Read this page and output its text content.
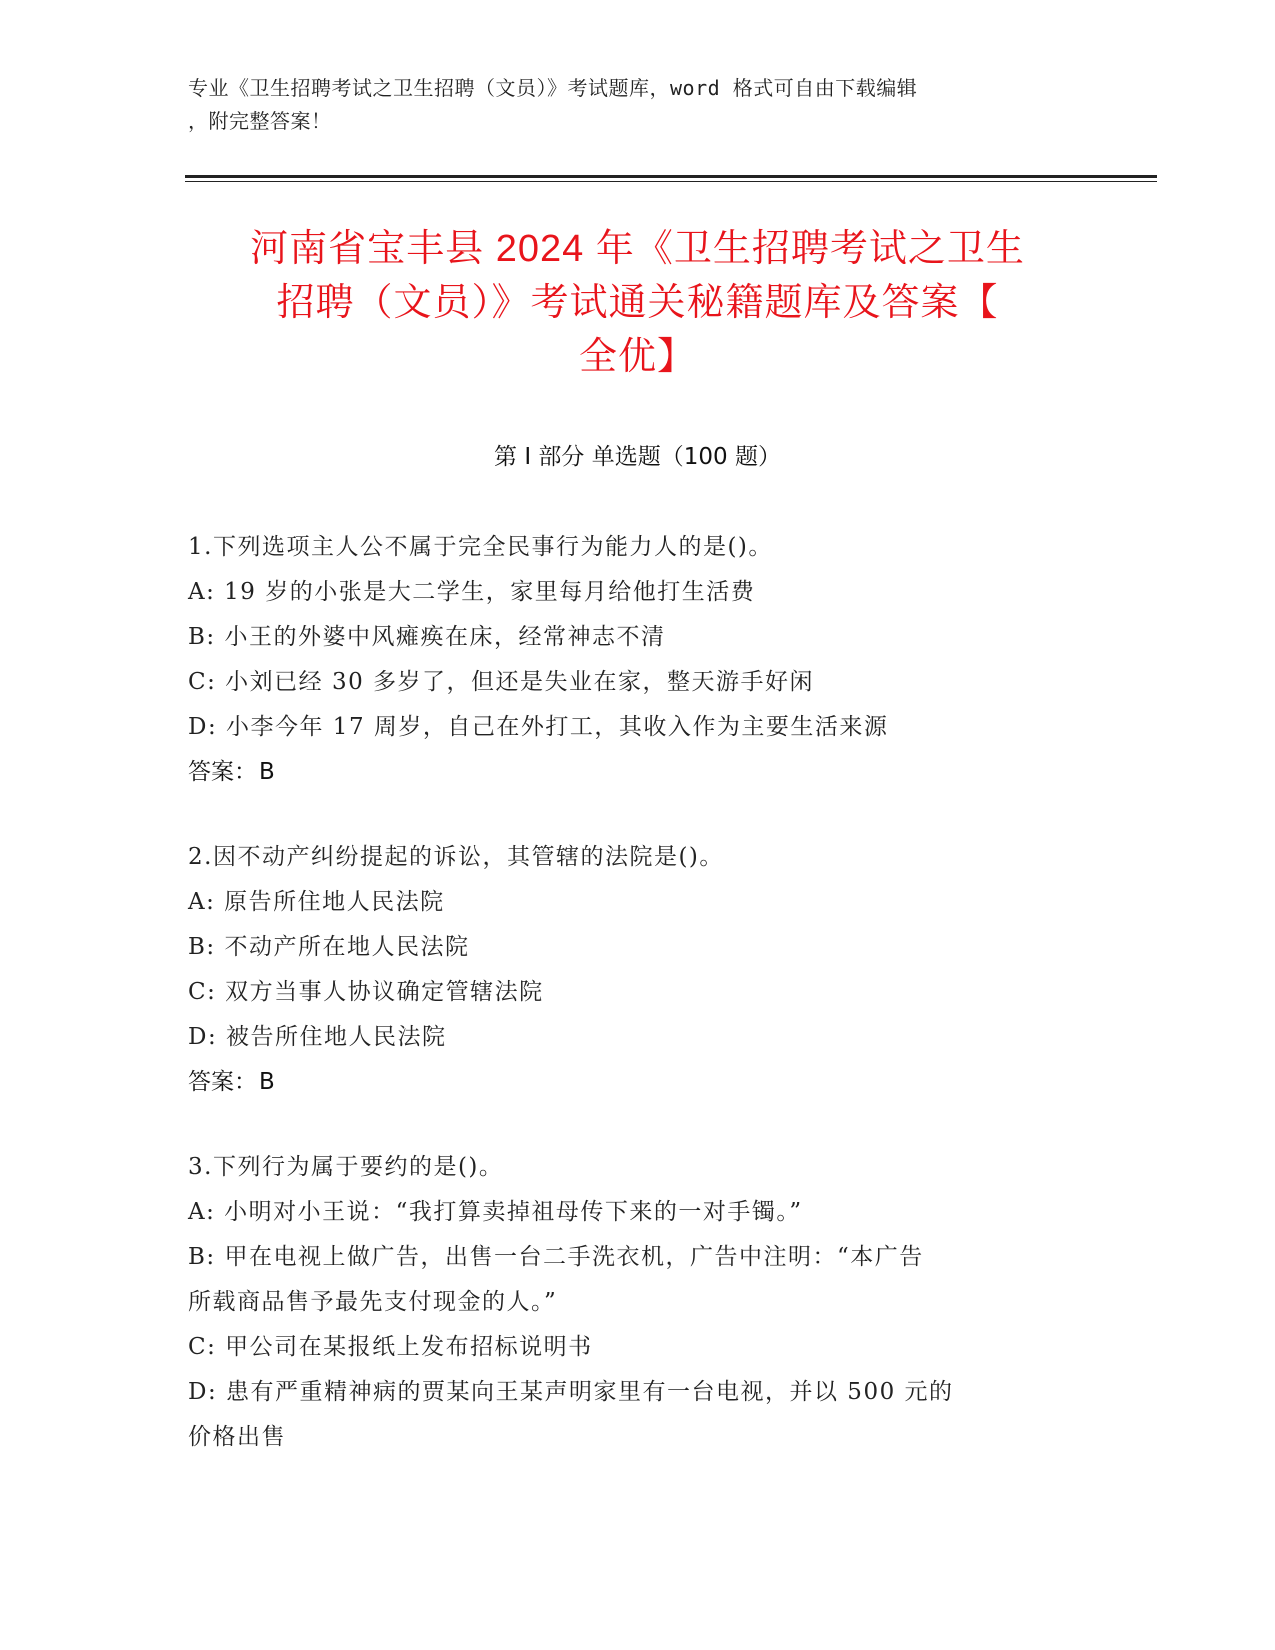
专业《卫生招聘考试之卫生招聘（文员）》考试题库，word 格式可自由下载编辑
，附完整答案！
河南省宝丰县 2024 年《卫生招聘考试之卫生
招聘（文员）》考试通关秘籍题库及答案【
全优】
第 I 部分 单选题（100 题）
1.下列选项主人公不属于完全民事行为能力人的是()。
A: 19 岁的小张是大二学生，家里每月给他打生活费
B: 小王的外婆中风瘫痪在床，经常神志不清
C: 小刘已经 30 多岁了，但还是失业在家，整天游手好闲
D: 小李今年 17 周岁，自己在外打工，其收入作为主要生活来源
答案：B
2.因不动产纠纷提起的诉讼，其管辖的法院是()。
A: 原告所住地人民法院
B: 不动产所在地人民法院
C: 双方当事人协议确定管辖法院
D: 被告所住地人民法院
答案：B
3.下列行为属于要约的是()。
A: 小明对小王说：“我打算卖掉祖母传下来的一对手镯。”
B: 甲在电视上做广告，出售一台二手洗衣机，广告中注明：“本广告
所载商品售予最先支付现金的人。”
C: 甲公司在某报纸上发布招标说明书
D: 患有严重精神病的贾某向王某声明家里有一台电视，并以 500 元的
价格出售
